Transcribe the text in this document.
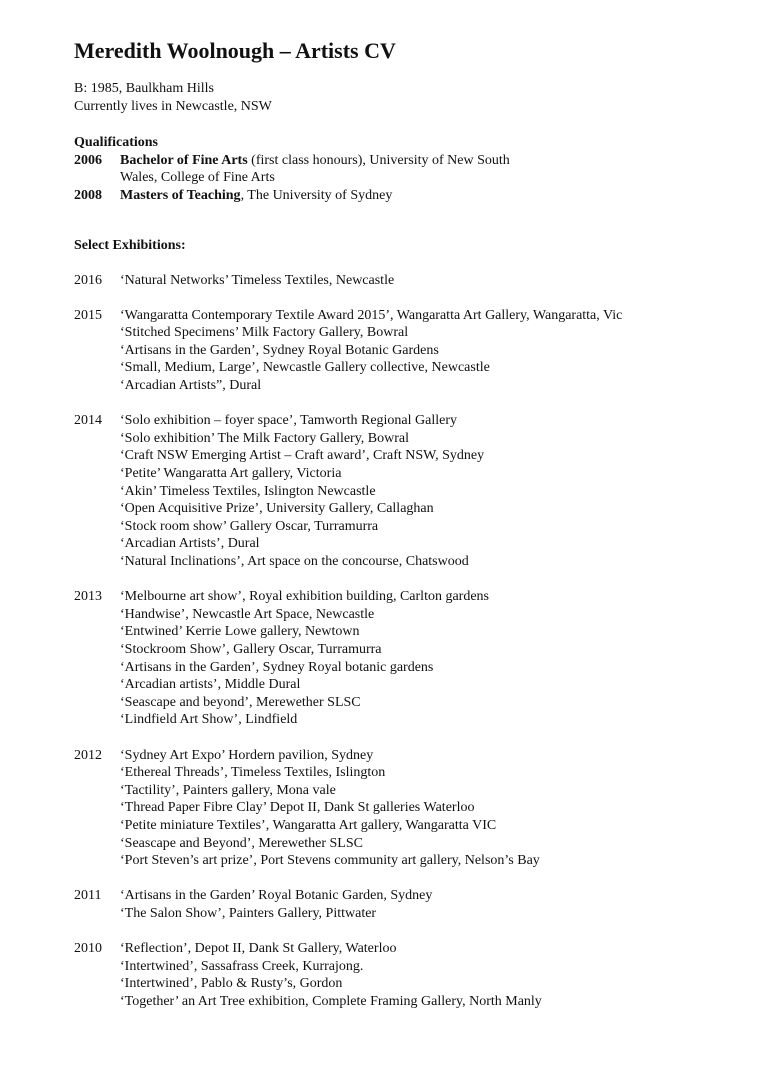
Meredith Woolnough – Artists CV
B: 1985, Baulkham Hills
Currently lives in Newcastle, NSW
Qualifications
2006	Bachelor of Fine Arts (first class honours), University of New South
Wales, College of Fine Arts
2008	Masters of Teaching, The University of Sydney
Select Exhibitions:
2016	‘Natural Networks’ Timeless Textiles, Newcastle
2015	‘Wangaratta Contemporary Textile Award 2015’, Wangaratta Art Gallery, Wangaratta, Vic
‘Stitched Specimens’ Milk Factory Gallery, Bowral
‘Artisans in the Garden’, Sydney Royal Botanic Gardens
‘Small, Medium, Large’, Newcastle Gallery collective, Newcastle
‘Arcadian Artists”, Dural
2014	‘Solo exhibition – foyer space’, Tamworth Regional Gallery
‘Solo exhibition’ The Milk Factory Gallery, Bowral
‘Craft NSW Emerging Artist – Craft award’, Craft NSW, Sydney
‘Petite’ Wangaratta Art gallery, Victoria
‘Akin’ Timeless Textiles, Islington Newcastle
‘Open Acquisitive Prize’, University Gallery, Callaghan
‘Stock room show’ Gallery Oscar, Turramurra
‘Arcadian Artists’, Dural
‘Natural Inclinations’, Art space on the concourse, Chatswood
2013	‘Melbourne art show’, Royal exhibition building, Carlton gardens
‘Handwise’, Newcastle Art Space, Newcastle
‘Entwined’ Kerrie Lowe gallery, Newtown
‘Stockroom Show’, Gallery Oscar, Turramurra
‘Artisans in the Garden’, Sydney Royal botanic gardens
‘Arcadian artists’, Middle Dural
‘Seascape and beyond’, Merewether SLSC
‘Lindfield Art Show’, Lindfield
2012	‘Sydney Art Expo’ Hordern pavilion, Sydney
‘Ethereal Threads’, Timeless Textiles, Islington
‘Tactility’, Painters gallery, Mona vale
‘Thread Paper Fibre Clay’ Depot II, Dank St galleries Waterloo
‘Petite miniature Textiles’, Wangaratta Art gallery, Wangaratta VIC
‘Seascape and Beyond’, Merewether SLSC
‘Port Steven’s art prize’, Port Stevens community art gallery, Nelson’s Bay
2011	‘Artisans in the Garden’ Royal Botanic Garden, Sydney
‘The Salon Show’, Painters Gallery, Pittwater
2010	‘Reflection’, Depot II, Dank St Gallery, Waterloo
‘Intertwined’, Sassafrass Creek, Kurrajong.
‘Intertwined’, Pablo & Rusty’s, Gordon
‘Together’ an Art Tree exhibition, Complete Framing Gallery, North Manly
